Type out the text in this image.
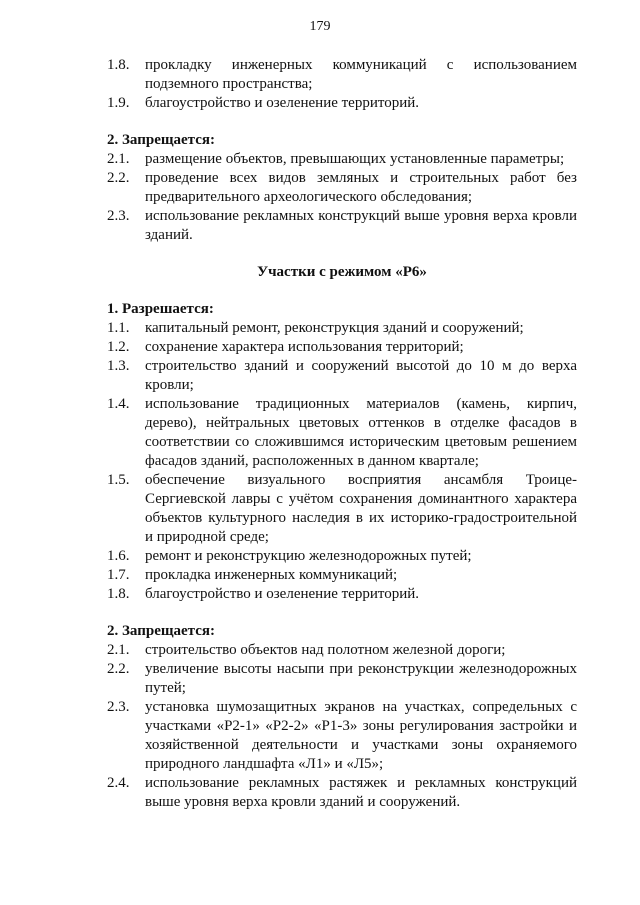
179
1.8.	прокладку инженерных коммуникаций с использованием подземного пространства;
1.9.	благоустройство и озеленение территорий.
2. Запрещается:
2.1.	размещение объектов, превышающих установленные параметры;
2.2.	проведение всех видов земляных и строительных работ без предварительного археологического обследования;
2.3.	использование рекламных конструкций выше уровня верха кровли зданий.
Участки с режимом «Р6»
1. Разрешается:
1.1.	капитальный ремонт, реконструкция зданий и сооружений;
1.2.	сохранение характера использования территорий;
1.3.	строительство зданий и сооружений высотой до 10 м до верха кровли;
1.4.	использование традиционных материалов (камень, кирпич, дерево), нейтральных цветовых оттенков в отделке фасадов в соответствии со сложившимся историческим цветовым решением фасадов зданий, расположенных в данном квартале;
1.5.	обеспечение визуального восприятия ансамбля Троице-Сергиевской лавры с учётом сохранения доминантного характера объектов культурного наследия в их историко-градостроительной и природной среде;
1.6.	ремонт и реконструкцию железнодорожных путей;
1.7.	прокладка инженерных коммуникаций;
1.8.	благоустройство и озеленение территорий.
2. Запрещается:
2.1.	строительство объектов над полотном железной дороги;
2.2.	увеличение высоты насыпи при реконструкции железнодорожных путей;
2.3.	установка шумозащитных экранов на участках, сопредельных с участками «Р2-1» «Р2-2» «Р1-3» зоны регулирования застройки и хозяйственной деятельности и участками зоны охраняемого природного ландшафта «Л1» и «Л5»;
2.4.	использование рекламных растяжек и рекламных конструкций выше уровня верха кровли зданий и сооружений.
